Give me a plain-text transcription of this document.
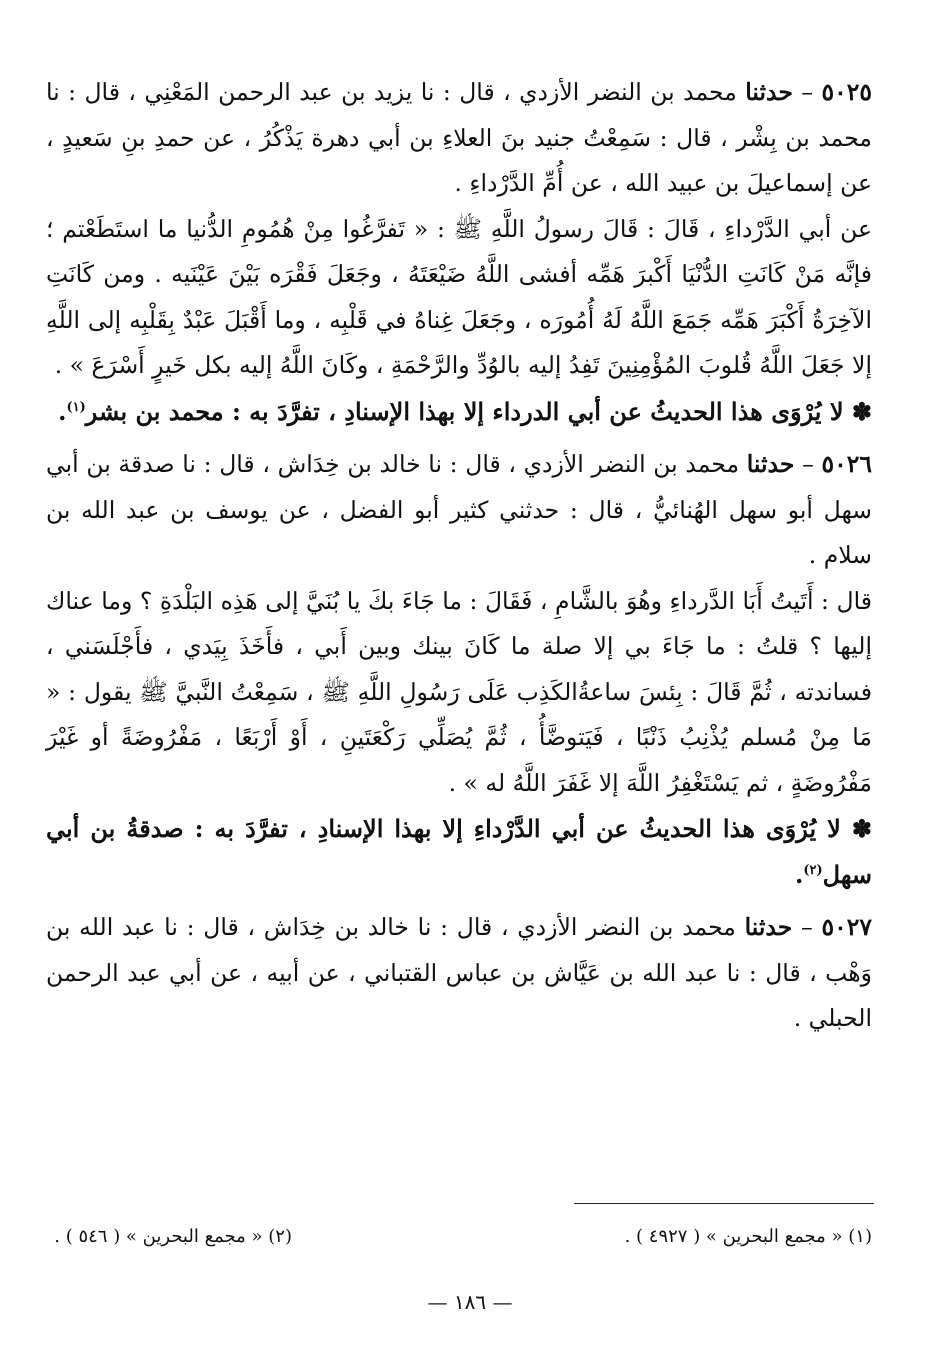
٥٠٢٥ – حدثنا محمد بن النضر الأزدي ، قال : نا يزيد بن عبد الرحمن المَعْنِي ، قال : نا محمد بن بِشْر ، قال : سَمِعْتُ جنيد بنَ العلاءِ بن أبي دهرة يَذْكُرُ ، عن حمدِ بنِ سَعيدٍ ، عن إسماعيلَ بن عبيد الله ، عن أُمِّ الدَّرْداءِ .

عن أبي الدَّرْداءِ ، قَالَ : قَالَ رسولُ اللَّهِ ﷺ : « تَفرَّغُوا مِنْ هُمُومِ الدُّنيا ما استَطَعْتم ؛ فإنَّه مَنْ كَانَتِ الدُّنْيَا أَكْبرَ هَمِّه أفشى اللَّهُ ضَيْعَتَهُ ، وجَعَلَ فَقْرَه بَيْنَ عَيْنَيه . ومن كَانَتِ الآخِرَةُ أَكْبَرَ هَمِّه جَمَعَ اللَّهُ لَهُ أُمُورَه ، وجَعَلَ غِناهُ في قَلْبِه ، وما أَقْبَلَ عَبْدٌ بِقَلْبِه إلى اللَّهِ إلا جَعَلَ اللَّهُ قُلوبَ المُؤْمِنِينَ تَفِدُ إليه بالوُدِّ والرَّحْمَةِ ، وكَانَ اللَّهُ إليه بكل خَيرٍ أَسْرَعَ » .

✽ لا يُرْوَى هذا الحديثُ عن أبي الدرداء إلا بهذا الإسنادِ ، تفرَّدَ به : محمد بن بشر$^{(١)}$.

٥٠٢٦ – حدثنا محمد بن النضر الأزدي ، قال : نا خالد بن خِدَاش ، قال : نا صدقة بن أبي سهل أبو سهل الهُنائيُّ ، قال : حدثني كثير أبو الفضل ، عن يوسف بن عبد الله بن سلام .

قال : أَتَيتُ أَبَا الدَّرداءِ وهُوَ بالشَّامِ ، فَقَالَ : ما جَاءَ بكَ يا بُنَيَّ إلى هَذِه البَلْدَةِ ؟ وما عناك إليها ؟ قلتُ : ما جَاءَ بي إلا صلة ما كَانَ بينك وبين أَبي ، فأَخَذَ بِيَدي ، فأَجْلَسَني ، فساندته ، ثُمَّ قَالَ : بِئسَ ساعةُالكَذِب عَلَى رَسُولِ اللَّهِ ﷺ ، سَمِعْتُ النَّبيَّ ﷺ يقول : « مَا مِنْ مُسلم يُذْنِبُ ذَنْبًا ، فَيَتوضَّأُ ، ثُمَّ يُصَلِّي رَكْعَتَينِ ، أَوْ أَرْبَعًا ، مَفْرُوضَةً أو غَيْرَ مَفْرُوضَةٍ ، ثم يَسْتَغْفِرُ اللَّهَ إلا غَفَرَ اللَّهُ له » .

✽ لا يُرْوَى هذا الحديثُ عن أبي الدَّرْداءِ إلا بهذا الإسنادِ ، تفرَّدَ به : صدقةُ بن أبي سهل$^{(٢)}$.

٥٠٢٧ – حدثنا محمد بن النضر الأزدي ، قال : نا خالد بن خِدَاش ، قال : نا عبد الله بن وَهْب ، قال : نا عبد الله بن عَيَّاش بن عباس القتباني ، عن أبيه ، عن أبي عبد الرحمن الحبلي .

(١) « مجمع البحرين » ( ٤٩٢٧ ) .
(٢) « مجمع البحرين » ( ٥٤٦ ) .
— ١٨٦ —
